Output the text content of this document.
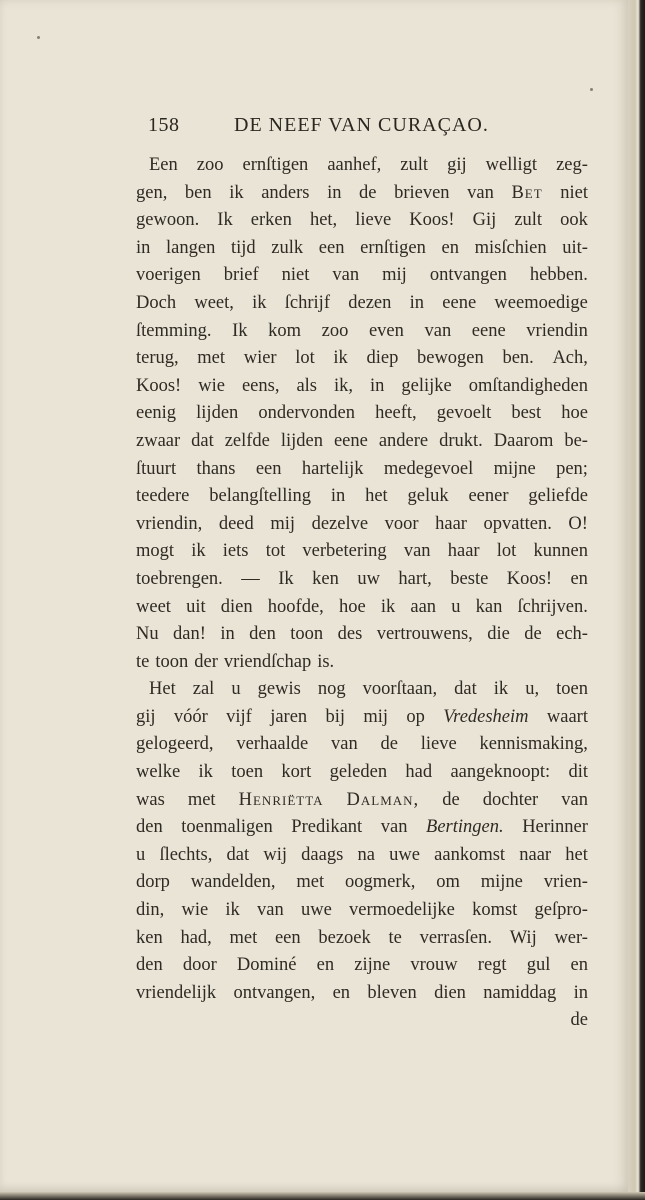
158	DE NEEF VAN CURAÇAO.
Een zoo ernſtigen aanhef, zult gij welligt zeg-
gen, ben ik anders in de brieven van Bet niet
gewoon. Ik erken het, lieve Koos! Gij zult ook
in langen tijd zulk een ernſtigen en misſchien uit-
voerigen brief niet van mij ontvangen hebben.
Doch weet, ik ſchrijf dezen in eene weemoedige
ſtemming. Ik kom zoo even van eene vriendin
terug, met wier lot ik diep bewogen ben. Ach,
Koos! wie eens, als ik, in gelijke omſtandigheden
eenig lijden ondervonden heeft, gevoelt best hoe
zwaar dat zelfde lijden eene andere drukt. Daarom be-
ſtuurt thans een hartelijk medegevoel mijne pen;
teedere belangſtelling in het geluk eener geliefde
vriendin, deed mij dezelve voor haar opvatten. O!
mogt ik iets tot verbetering van haar lot kunnen
toebrengen. — Ik ken uw hart, beste Koos! en
weet uit dien hoofde, hoe ik aan u kan ſchrijven.
Nu dan! in den toon des vertrouwens, die de ech-
te toon der vriendſchap is.
Het zal u gewis nog voorſtaan, dat ik u, toen
gij vóór vijf jaren bij mij op Vredesheim waart
gelogeerd, verhaalde van de lieve kennismaking,
welke ik toen kort geleden had aangeknoopt: dit
was met Henriëtta Dalman, de dochter van
den toenmaligen Predikant van Bertingen. Herinner
u ſlechts, dat wij daags na uwe aankomst naar het
dorp wandelden, met oogmerk, om mijne vrien-
din, wie ik van uwe vermoedelijke komst geſpro-
ken had, met een bezoek te verrasſen. Wij wer-
den door Dominé en zijne vrouw regt gul en
vriendelijk ontvangen, en bleven dien namiddag in
de
